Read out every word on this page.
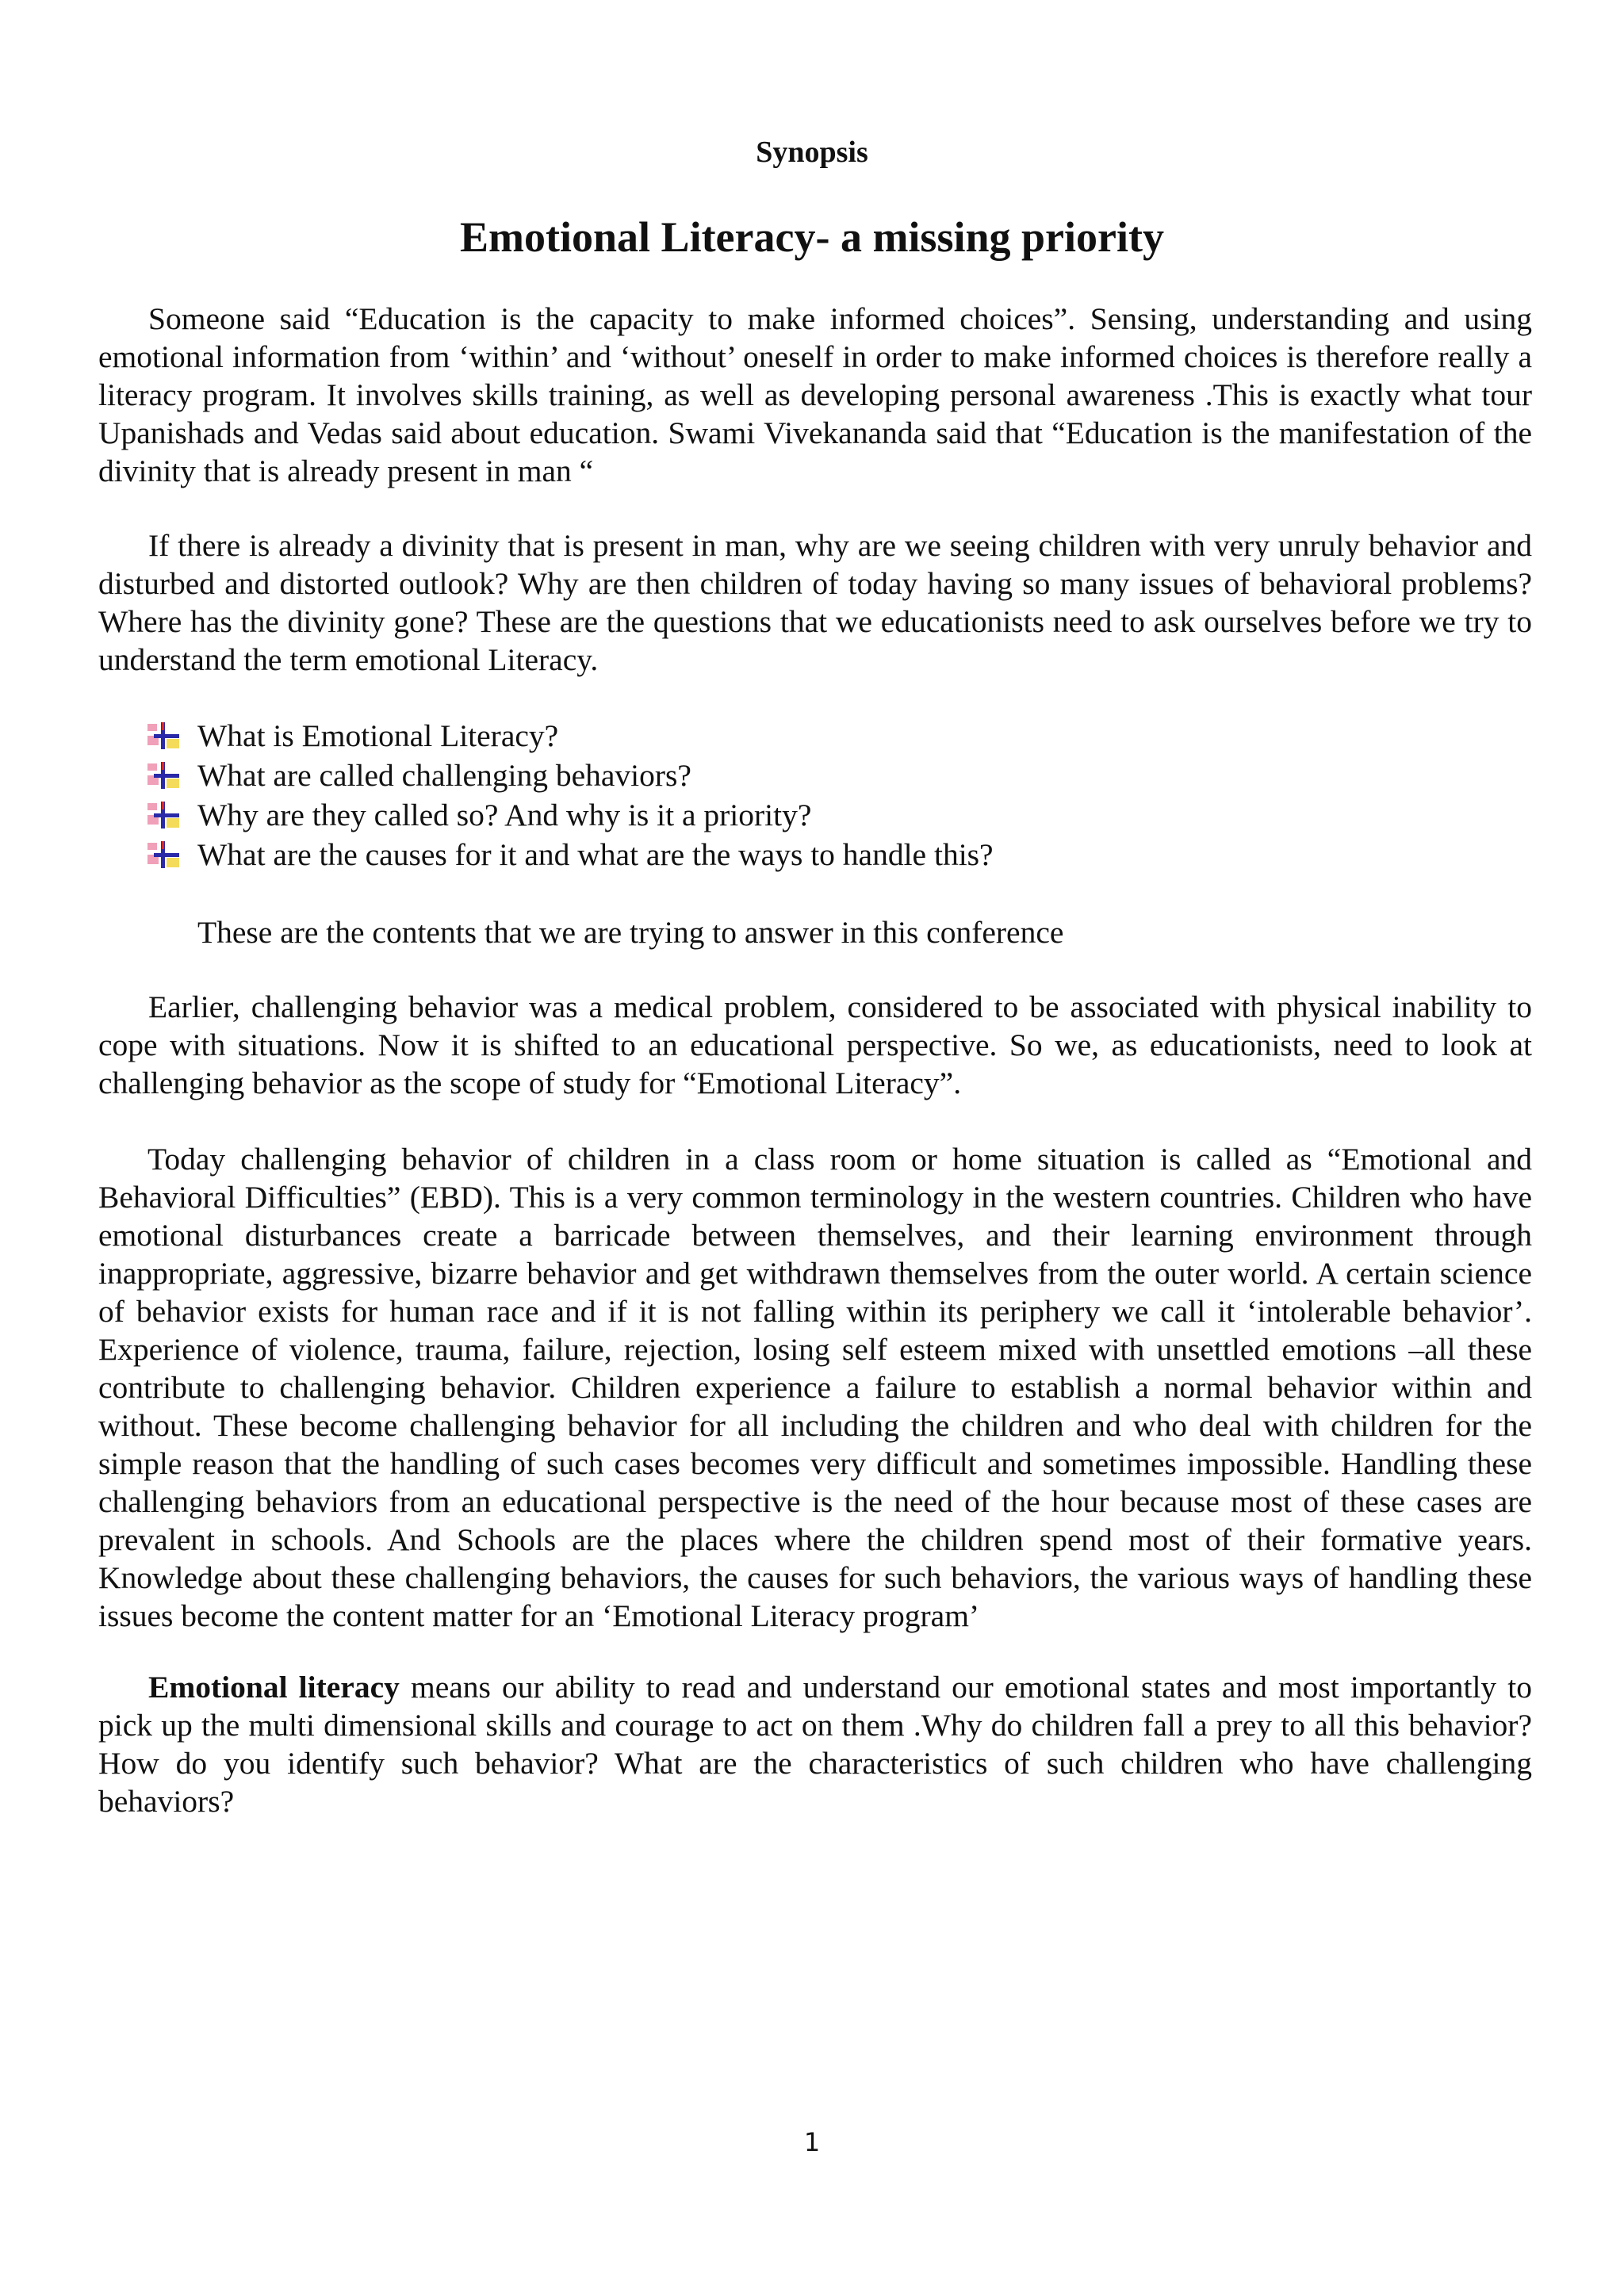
Synopsis
Emotional Literacy- a missing priority

Someone said “Education is the capacity to make informed choices”. Sensing, understanding and using emotional information from ‘within’ and ‘without’ oneself in order to make informed choices is therefore really a literacy program. It involves skills training, as well as developing personal awareness .This is exactly what tour Upanishads and Vedas said about education. Swami Vivekananda said that “Education is the manifestation of the divinity that is already present in man “

If there is already a divinity that is present in man, why are we seeing children with very unruly behavior and disturbed and distorted outlook? Why are then children of today having so many issues of behavioral problems? Where has the divinity gone? These are the questions that we educationists need to ask ourselves before we try to understand the term emotional Literacy.

What is Emotional Literacy?
What are called challenging behaviors?
Why are they called so? And why is it a priority?
What are the causes for it and what are the ways to handle this?

These are the contents that we are trying to answer in this conference

Earlier, challenging behavior was a medical problem, considered to be associated with physical inability to cope with situations. Now it is shifted to an educational perspective. So we, as educationists, need to look at challenging behavior as the scope of study for “Emotional Literacy”.

Today challenging behavior of children in a class room or home situation is called as “Emotional and Behavioral Difficulties” (EBD). This is a very common terminology in the western countries. Children who have emotional disturbances create a barricade between themselves, and their learning environment through inappropriate, aggressive, bizarre behavior and get withdrawn themselves from the outer world. A certain science of behavior exists for human race and if it is not falling within its periphery we call it ‘intolerable behavior’. Experience of violence, trauma, failure, rejection, losing self esteem mixed with unsettled emotions –all these contribute to challenging behavior. Children experience a failure to establish a normal behavior within and without. These become challenging behavior for all including the children and who deal with children for the simple reason that the handling of such cases becomes very difficult and sometimes impossible. Handling these challenging behaviors from an educational perspective is the need of the hour because most of these cases are prevalent in schools. And Schools are the places where the children spend most of their formative years. Knowledge about these challenging behaviors, the causes for such behaviors, the various ways of handling these issues become the content matter for an ‘Emotional Literacy program’

Emotional literacy means our ability to read and understand our emotional states and most importantly to pick up the multi dimensional skills and courage to act on them .Why do children fall a prey to all this behavior? How do you identify such behavior? What are the characteristics of such children who have challenging behaviors?

1
